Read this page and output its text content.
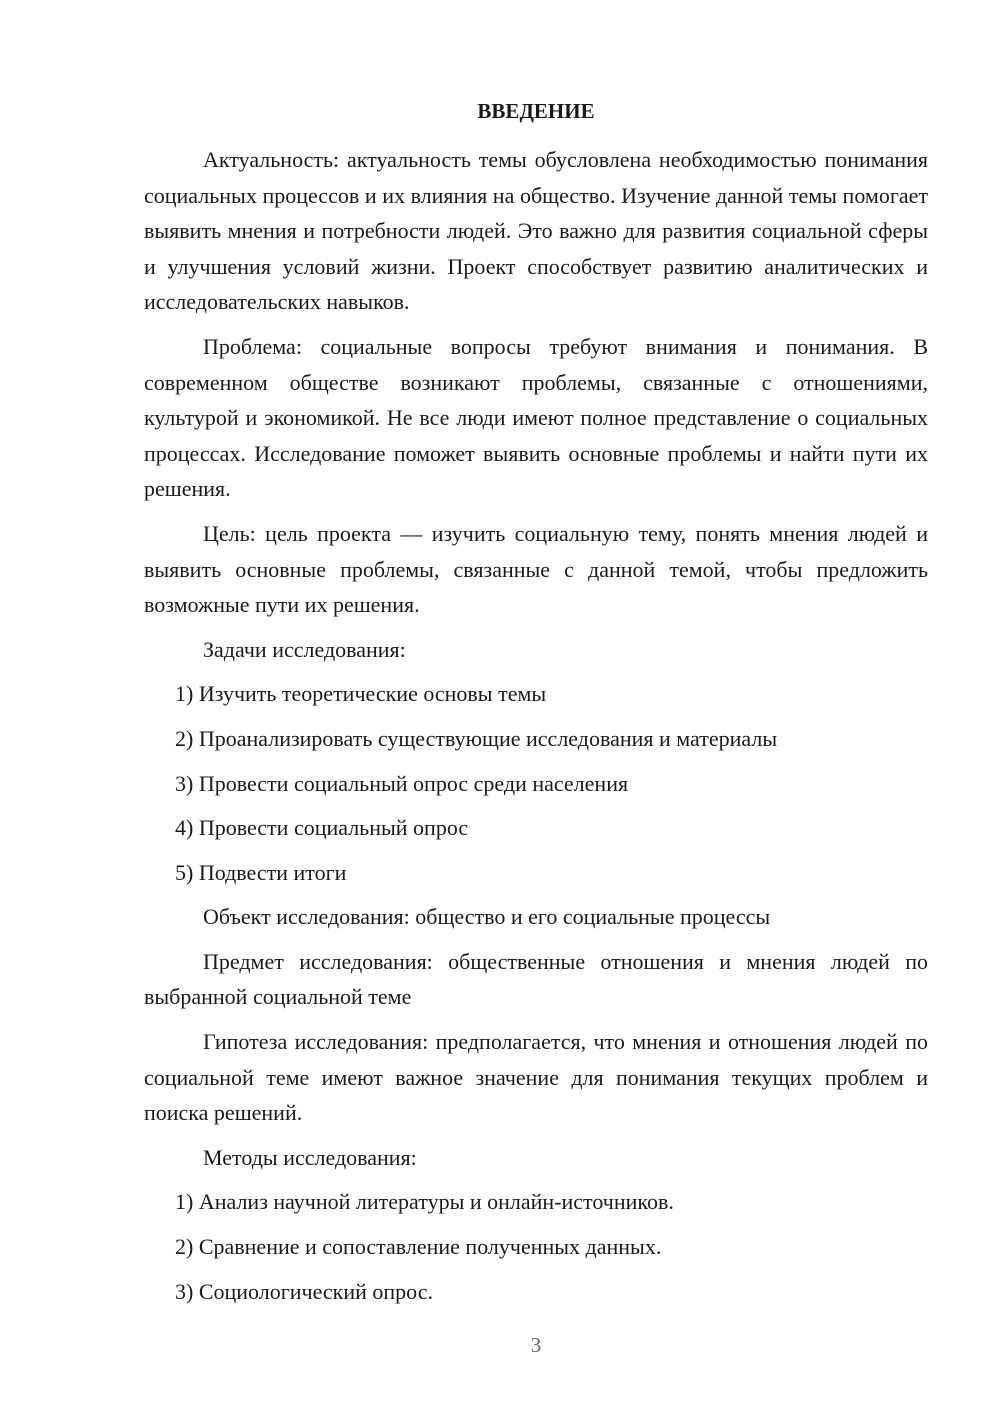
ВВЕДЕНИЕ

Актуальность: актуальность темы обусловлена необходимостью понимания социальных процессов и их влияния на общество. Изучение данной темы помогает выявить мнения и потребности людей. Это важно для развития социальной сферы и улучшения условий жизни. Проект способствует развитию аналитических и исследовательских навыков.

Проблема: социальные вопросы требуют внимания и понимания. В современном обществе возникают проблемы, связанные с отношениями, культурой и экономикой. Не все люди имеют полное представление о социальных процессах. Исследование поможет выявить основные проблемы и найти пути их решения.

Цель: цель проекта — изучить социальную тему, понять мнения людей и выявить основные проблемы, связанные с данной темой, чтобы предложить возможные пути их решения.

Задачи исследования:

1) Изучить теоретические основы темы

2) Проанализировать существующие исследования и материалы

3) Провести социальный опрос среди населения

4) Провести социальный опрос

5) Подвести итоги

Объект исследования: общество и его социальные процессы

Предмет исследования: общественные отношения и мнения людей по выбранной социальной теме

Гипотеза исследования: предполагается, что мнения и отношения людей по социальной теме имеют важное значение для понимания текущих проблем и поиска решений.

Методы исследования:

1) Анализ научной литературы и онлайн-источников.

2) Сравнение и сопоставление полученных данных.

3) Социологический опрос.

3
